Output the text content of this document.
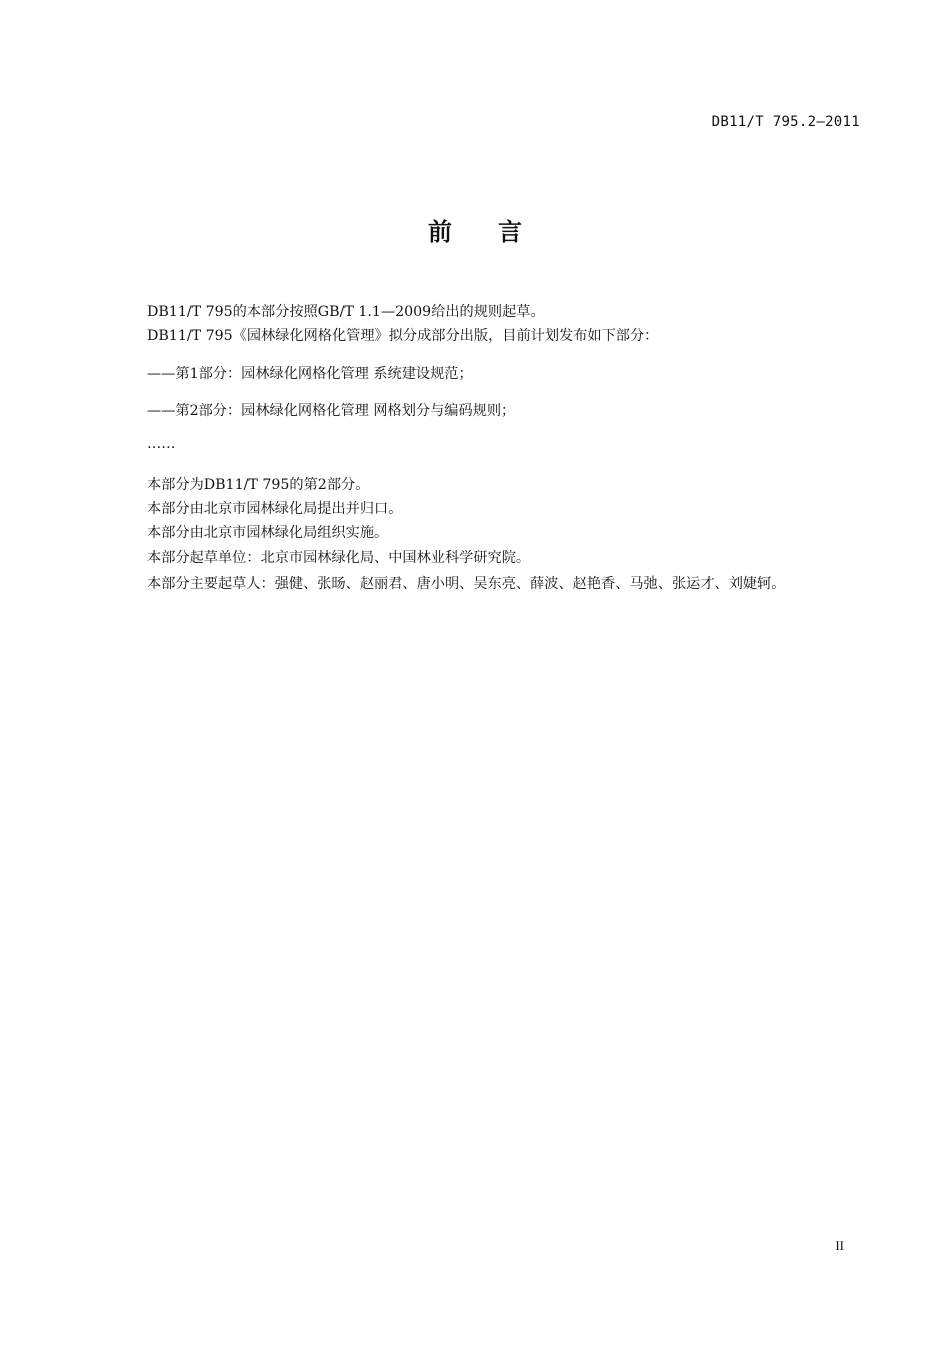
DB11/T 795.2—2011
前言
DB11/T 795的本部分按照GB/T 1.1—2009给出的规则起草。
DB11/T 795《园林绿化网格化管理》拟分成部分出版，目前计划发布如下部分：
——第1部分：园林绿化网格化管理 系统建设规范；
——第2部分：园林绿化网格化管理 网格划分与编码规则；
……
本部分为DB11/T 795的第2部分。
本部分由北京市园林绿化局提出并归口。
本部分由北京市园林绿化局组织实施。
本部分起草单位：北京市园林绿化局、中国林业科学研究院。
本部分主要起草人：强健、张旸、赵丽君、唐小明、吴东亮、薛波、赵艳香、马弛、张运才、刘婕轲。
II
